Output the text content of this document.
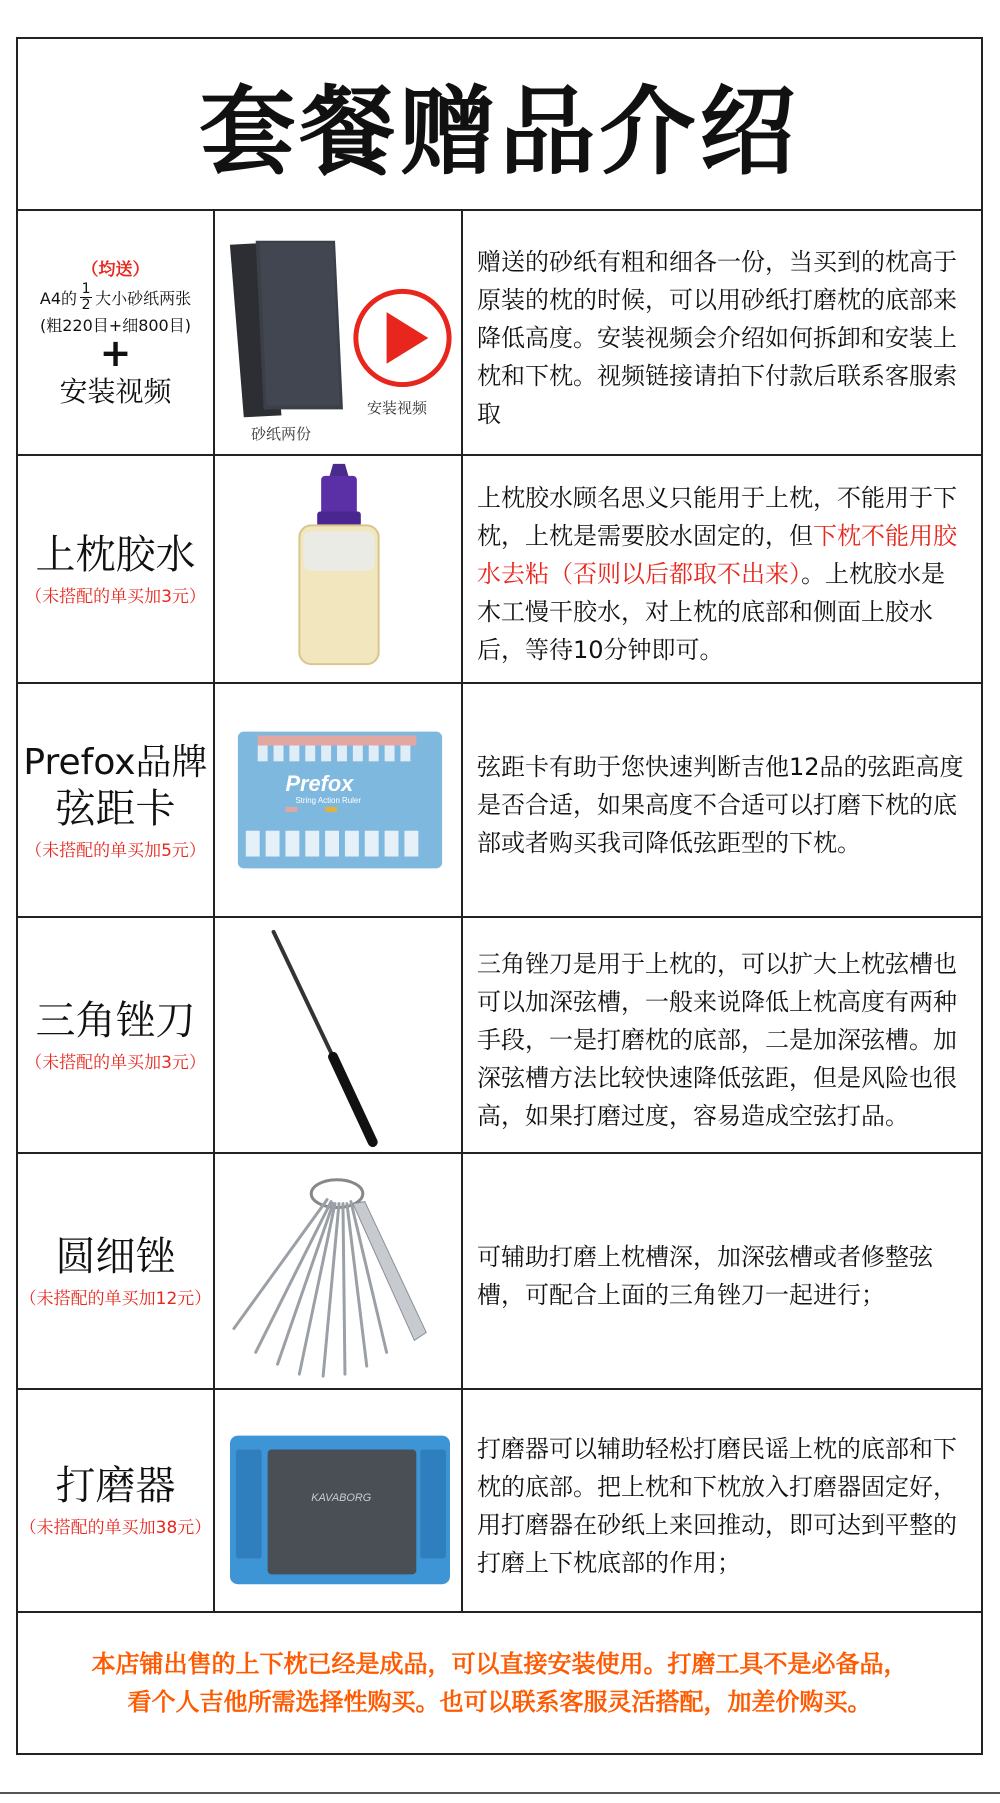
套餐赠品介绍
（均送）
A4的 1
2 大小砂纸两张
(粗220目+细800目)
+
安装视频
砂纸两份
安装视频

赠送的砂纸有粗和细各一份，当买到的枕高于原装的枕的时候，可以用砂纸打磨枕的底部来降低高度。安装视频会介绍如何拆卸和安装上枕和下枕。视频链接请拍下付款后联系客服索取

上枕胶水
（未搭配的单买加3元）

上枕胶水顾名思义只能用于上枕，不能用于下枕，上枕是需要胶水固定的，但下枕不能用胶水去粘（否则以后都取不出来）。上枕胶水是木工慢干胶水，对上枕的底部和侧面上胶水后，等待10分钟即可。

Prefox品牌
弦距卡
（未搭配的单买加5元）
Prefox
String Action Ruler

弦距卡有助于您快速判断吉他12品的弦距高度是否合适，如果高度不合适可以打磨下枕的底部或者购买我司降低弦距型的下枕。

三角锉刀
（未搭配的单买加3元）

三角锉刀是用于上枕的，可以扩大上枕弦槽也可以加深弦槽，一般来说降低上枕高度有两种手段，一是打磨枕的底部，二是加深弦槽。加深弦槽方法比较快速降低弦距，但是风险也很高，如果打磨过度，容易造成空弦打品。

圆细锉
（未搭配的单买加12元）

可辅助打磨上枕槽深，加深弦槽或者修整弦槽，可配合上面的三角锉刀一起进行；

打磨器
（未搭配的单买加38元）
KAVABORG

打磨器可以辅助轻松打磨民谣上枕的底部和下枕的底部。把上枕和下枕放入打磨器固定好，用打磨器在砂纸上来回推动，即可达到平整的打磨上下枕底部的作用；

本店铺出售的上下枕已经是成品，可以直接安装使用。打磨工具不是必备品，
看个人吉他所需选择性购买。也可以联系客服灵活搭配，加差价购买。
